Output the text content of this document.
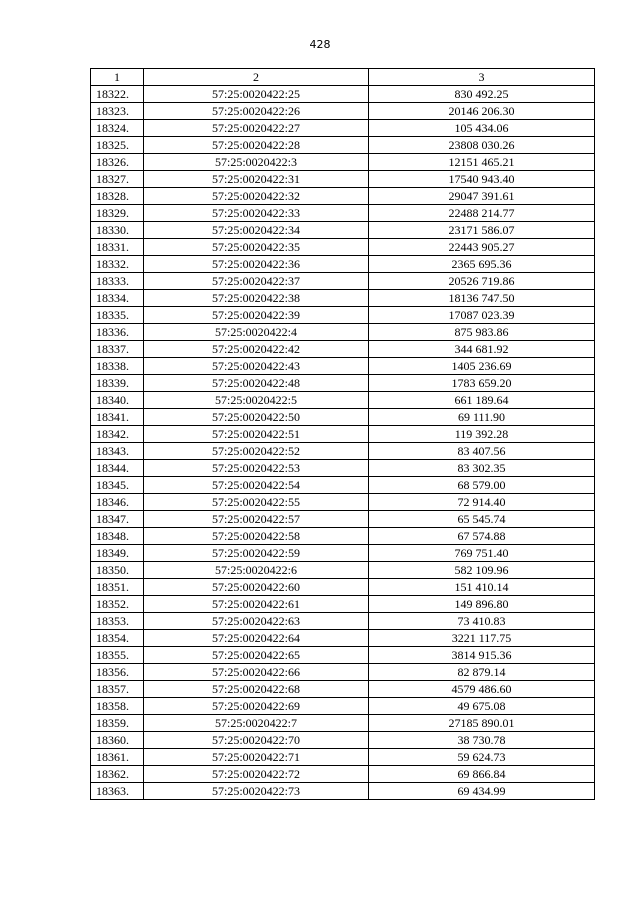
428
1	2	3
18322.	57:25:0020422:25	830 492.25
18323.	57:25:0020422:26	20146 206.30
18324.	57:25:0020422:27	105 434.06
18325.	57:25:0020422:28	23808 030.26
18326.	57:25:0020422:3	12151 465.21
18327.	57:25:0020422:31	17540 943.40
18328.	57:25:0020422:32	29047 391.61
18329.	57:25:0020422:33	22488 214.77
18330.	57:25:0020422:34	23171 586.07
18331.	57:25:0020422:35	22443 905.27
18332.	57:25:0020422:36	2365 695.36
18333.	57:25:0020422:37	20526 719.86
18334.	57:25:0020422:38	18136 747.50
18335.	57:25:0020422:39	17087 023.39
18336.	57:25:0020422:4	875 983.86
18337.	57:25:0020422:42	344 681.92
18338.	57:25:0020422:43	1405 236.69
18339.	57:25:0020422:48	1783 659.20
18340.	57:25:0020422:5	661 189.64
18341.	57:25:0020422:50	69 111.90
18342.	57:25:0020422:51	119 392.28
18343.	57:25:0020422:52	83 407.56
18344.	57:25:0020422:53	83 302.35
18345.	57:25:0020422:54	68 579.00
18346.	57:25:0020422:55	72 914.40
18347.	57:25:0020422:57	65 545.74
18348.	57:25:0020422:58	67 574.88
18349.	57:25:0020422:59	769 751.40
18350.	57:25:0020422:6	582 109.96
18351.	57:25:0020422:60	151 410.14
18352.	57:25:0020422:61	149 896.80
18353.	57:25:0020422:63	73 410.83
18354.	57:25:0020422:64	3221 117.75
18355.	57:25:0020422:65	3814 915.36
18356.	57:25:0020422:66	82 879.14
18357.	57:25:0020422:68	4579 486.60
18358.	57:25:0020422:69	49 675.08
18359.	57:25:0020422:7	27185 890.01
18360.	57:25:0020422:70	38 730.78
18361.	57:25:0020422:71	59 624.73
18362.	57:25:0020422:72	69 866.84
18363.	57:25:0020422:73	69 434.99
